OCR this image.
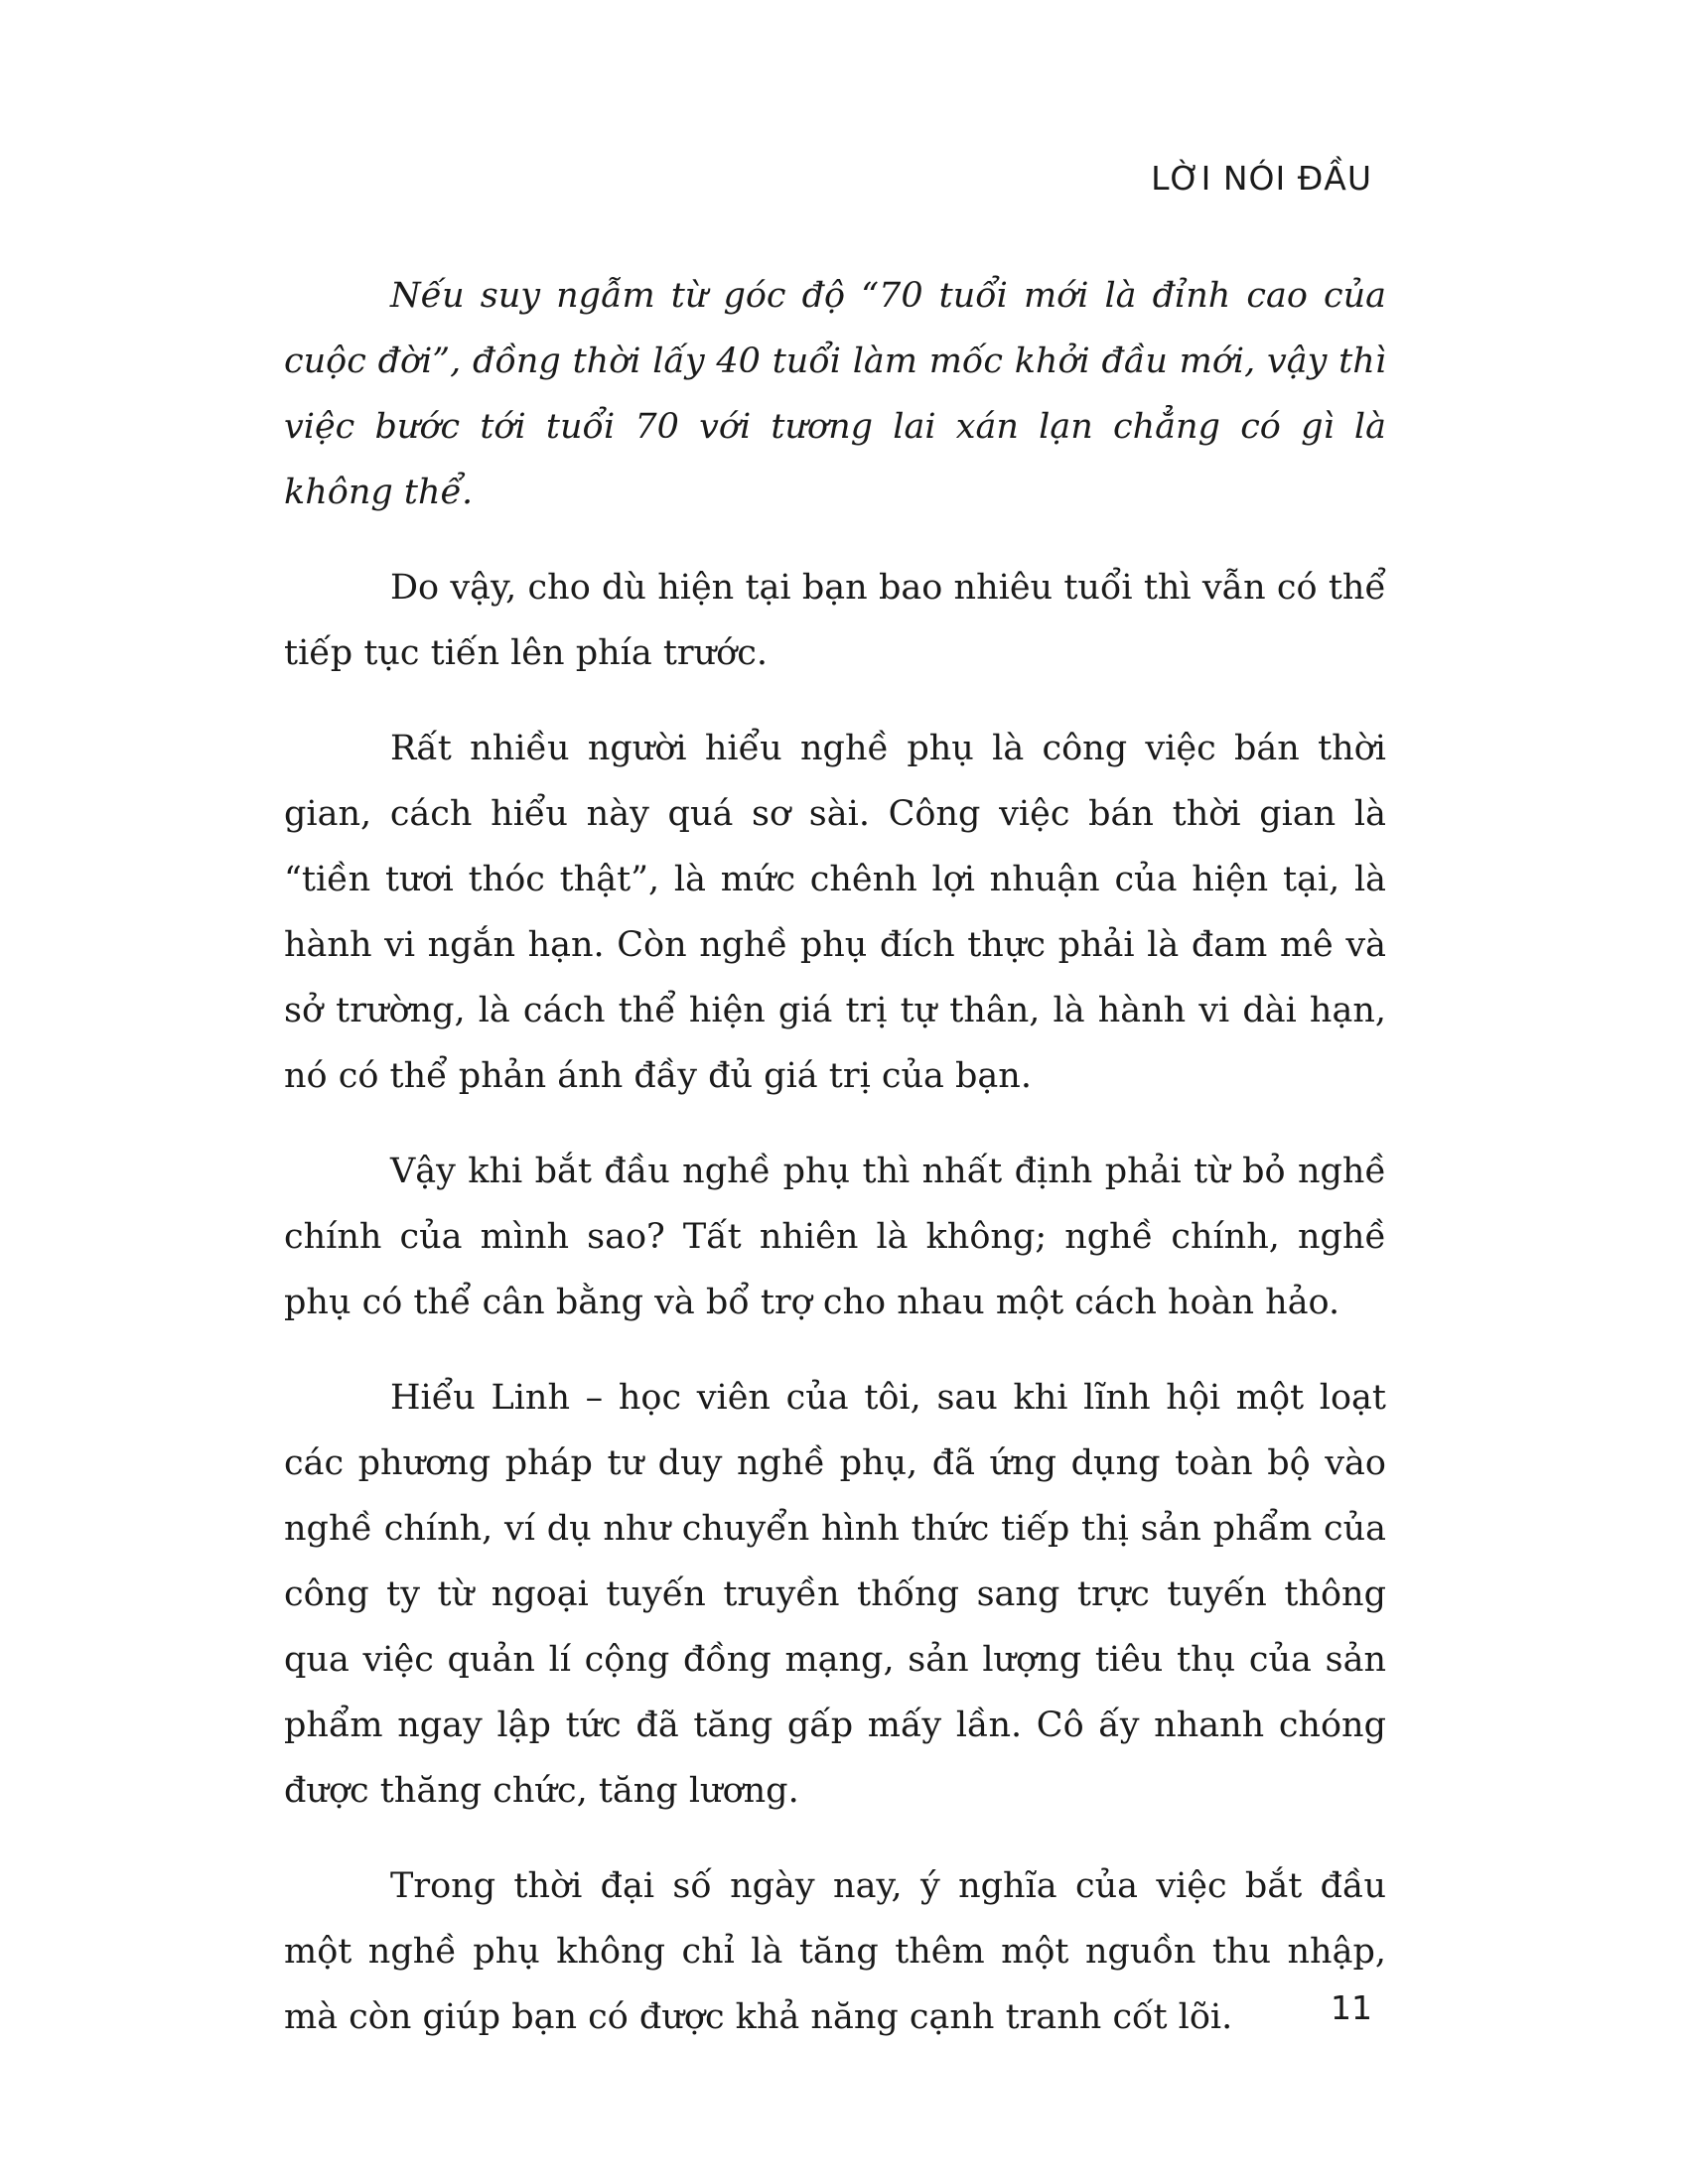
LỜI NÓI ĐẦU

Nếu suy ngẫm từ góc độ “70 tuổi mới là đỉnh cao của cuộc đời”, đồng thời lấy 40 tuổi làm mốc khởi đầu mới, vậy thì việc bước tới tuổi 70 với tương lai xán lạn chẳng có gì là không thể.

Do vậy, cho dù hiện tại bạn bao nhiêu tuổi thì vẫn có thể tiếp tục tiến lên phía trước.

Rất nhiều người hiểu nghề phụ là công việc bán thời gian, cách hiểu này quá sơ sài. Công việc bán thời gian là “tiền tươi thóc thật”, là mức chênh lợi nhuận của hiện tại, là hành vi ngắn hạn. Còn nghề phụ đích thực phải là đam mê và sở trường, là cách thể hiện giá trị tự thân, là hành vi dài hạn, nó có thể phản ánh đầy đủ giá trị của bạn.

Vậy khi bắt đầu nghề phụ thì nhất định phải từ bỏ nghề chính của mình sao? Tất nhiên là không; nghề chính, nghề phụ có thể cân bằng và bổ trợ cho nhau một cách hoàn hảo.

Hiểu Linh – học viên của tôi, sau khi lĩnh hội một loạt các phương pháp tư duy nghề phụ, đã ứng dụng toàn bộ vào nghề chính, ví dụ như chuyển hình thức tiếp thị sản phẩm của công ty từ ngoại tuyến truyền thống sang trực tuyến thông qua việc quản lí cộng đồng mạng, sản lượng tiêu thụ của sản phẩm ngay lập tức đã tăng gấp mấy lần. Cô ấy nhanh chóng được thăng chức, tăng lương.

Trong thời đại số ngày nay, ý nghĩa của việc bắt đầu một nghề phụ không chỉ là tăng thêm một nguồn thu nhập, mà còn giúp bạn có được khả năng cạnh tranh cốt lõi.	11
